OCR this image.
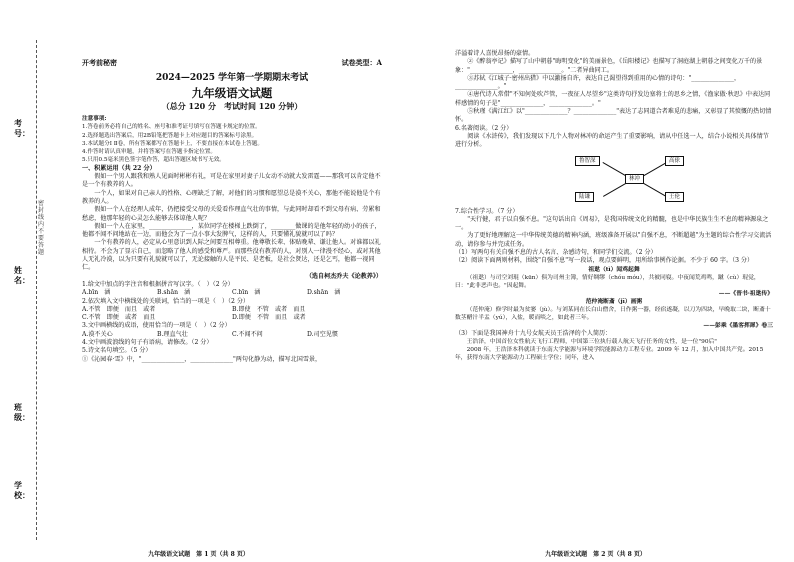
考号：
姓名：
班级：
学校：
密封线内不要答题
开考前秘密	试卷类型：A
2024—2025 学年第一学期期末考试
九年级语文试题
（总分 120 分　考试时间 120 分钟）
注意事项:
1.答卷前务必将自己的姓名、座号和准考证号填写在答题卡规定的位置。
2.选择题选出答案后，用2B铅笔把答题卡上对应题目的答案标号涂黑。
3.本试题分Ⅰ Ⅱ卷，所有答案都写在答题卡上，不要直接在本试卷上答题。
4.作答时请认真审题，并将答案写在答题卡指定位置。
5.只用0.5毫米黑色签字笔作答，超出答题区域书写无效。
一、积累运用（共 22 分）

假如一个男人跟我和熟人见面时彬彬有礼，可是在家里对妻子儿女动不动就大发雷霆——那我可以肯定他不是一个有教养的人。

一个人，如果对自己亲人的性格、心理缺乏了解，对他们的习惯和愿望总是漠不关心，那他不能说他是个有教养的人。

假如一个人在经理人成年，仍把接受父母的关爱看作理直气壮的事情，与此同时却看不到父母有病、劳累和愁虑，他那年轻的心灵怎么能够去体谅他人呢？

假如一个人在家里，______________，某位同学在楼梯上跌倒了，________做课的是他年轻的幼小的孩子，他都不闻不问地站在一边，而他会为了一点小事大发脾气，这样的人，只要懂礼貌就可以了吗？

一个有教养的人，必定从心里意识到人际之间要互相尊重。他尊敬长辈、体贴晚辈、谦让他人。对谁都以礼相待。不会为了显示自己，而忽略了他人的感受和尊严。而那些没有教养的人，对别人一律漫不经心，或对其他人无礼冷漠，以为只要有礼貌就可以了，无论接触的人是平民、是老板，是社会贤达，还是乞丐，他都一视同仁。

（选自柯杰乔夫《论教养》）
1.给文中加点的字注音和根据拼音写汉字。（　）（2 分）
A.bīn　涵	B.shān　涵	C.bīn　涵	D.shān　涵
2.依次填入文中横线处的关联词，恰当的一项是（　）（2 分）
A.不管　即便　而且　或者	B.即使　不管　或者　而且
C.不管　即便　或者　而且	D.即便　不管　而且　或者
3.文中画横线的成语，使用恰当的一项是（　）（2 分）
A.漠不关心	B.理直气壮	C.不闻不问	D.司空见惯
4.文中画波浪线的句子有语病，请修改。（2 分）
5.诗文名句填空。（5 分）
①《沁园春·雪》中，"______________，______________"两句化静为动，描写北国雪景，
九年级语文试题　第 1 页（共 8 页）
洋溢着诗人喜悦昂扬的豪情。
②《醉翁亭记》描写了山中朝暮"晦明变化"的美丽景色，《岳阳楼记》也描写了洞庭湖上朝暮之间变化万千的景象："______________，______________。"二者异曲同工。
③苏轼《江城子·密州出猎》中以激扬自许，表达自己渴望得到重用的心情的诗句："______________，______________。"
④唐代诗人常借"不知何处吹芦管，一夜征人尽望乡"这类诗句抒发边塞将士的思乡之情，《渔家傲·秋思》中表达同样感情的句子是"______________，______________。"
⑤秋瑾《满江红》以"______________？______________"表达了志同道合者难觅的悲痛，又彰显了其愤慨的热切情怀。
6.名著阅读。（2 分）
阅读《水浒传》，我们发现以下几个人物对林冲的命运产生了重要影响，请从中任选一人，结合小说相关具体情节进行分析。
鲁智深	高俅
林冲
陆谦	王伦
7.综合性学习。（7 分）
"天行健，君子以自强不息。"这句话出自《周易》，是我国传统文化的精髓，也是中华民族生生不息的精神源泉之一。
为了更好地理解这一中华传统美德的精神内涵，班级准备开展以"自强不息，不断超越"为主题的综合性学习交流活动，请你参与并完成任务。
（1）写两句有关自强不息的古人名言、杂感诗句，和同学们交流。（2 分）
（2）阅读下面两则材料，围绕"自强不息"写一段话，观点要鲜明，用所给事例作论据。不少于 60 字。（3 分）
祖逖（tì）闻鸡起舞
（祖逖）与司空刘琨（kūn）俱为司州主簿，情好绸缪（chóu móu），共被同寝。中夜闻荒鸡鸣，蹴（cù）琨觉，曰："此非恶声也。"因起舞。
——《晋书·祖逖传》
范仲淹断齑（jī）画粥
（范仲淹）修学时最为贫窭（jù）。与刘某同在长白山僧舍，日作粥一器，经宿遂凝，以刀为四块，早晚取二块，断齑十数茎醋汁半盂（yú），入盐，暖而啖之，如此者三年。
——彭乘《墨客挥犀》卷三
（3）下面是我国神舟十九号女航天员王浩泽的个人简历：
王浩泽，中国首位女性航天飞行工程师，中国第三位执行载人航天飞行任务的女性，是一位"90后"
2008 年，王浩泽本科就读于东南大学能源与环境学院能源动力工程专业。2009 年 12 月，加入中国共产党。2015 年，获得东南大学能源动力工程硕士学位；同年，进入
九年级语文试题　第 2 页（共 8 页）
